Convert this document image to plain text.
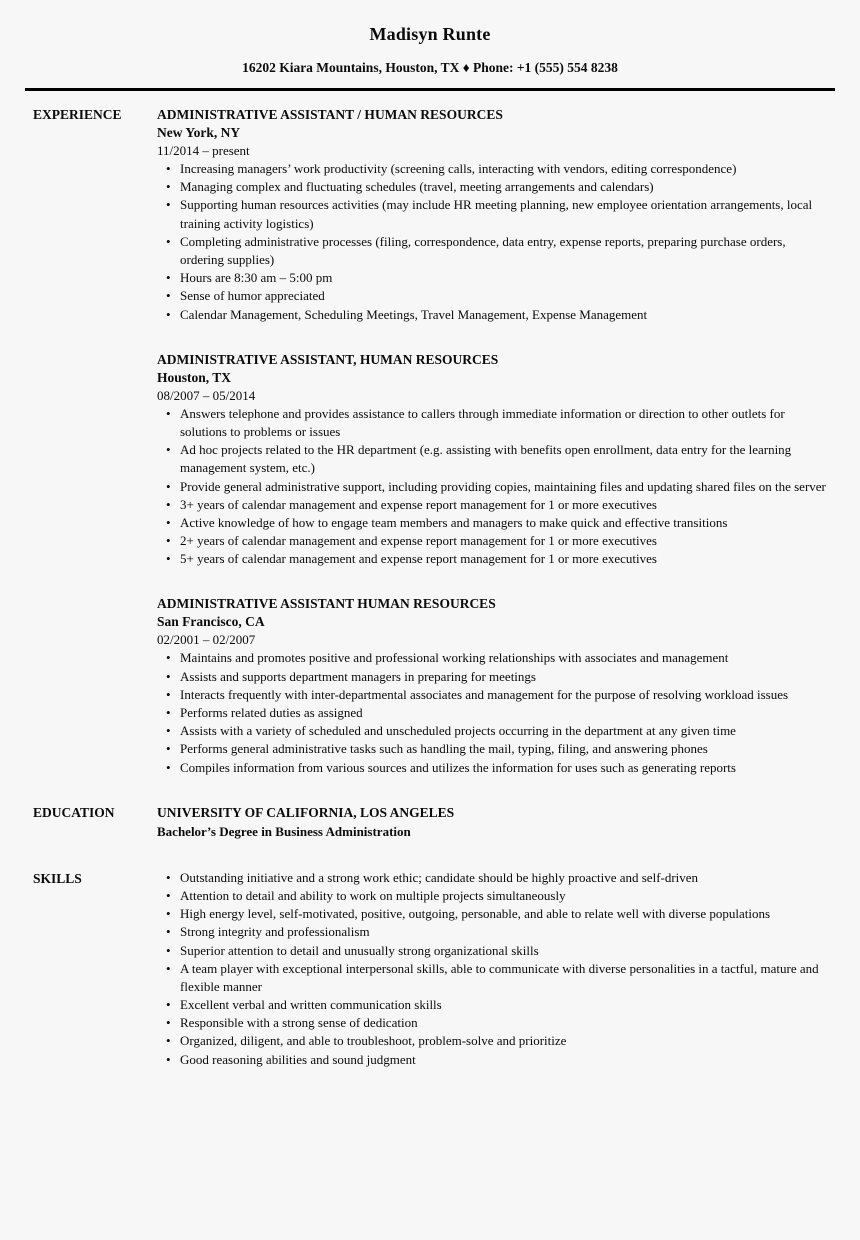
Madisyn Runte
16202 Kiara Mountains, Houston, TX ♦ Phone: +1 (555) 554 8238
EXPERIENCE	ADMINISTRATIVE ASSISTANT / HUMAN RESOURCES
New York, NY
11/2014 – present
• Increasing managers’ work productivity (screening calls, interacting with vendors, editing correspondence)
• Managing complex and fluctuating schedules (travel, meeting arrangements and calendars)
• Supporting human resources activities (may include HR meeting planning, new employee orientation arrangements, local training activity logistics)
• Completing administrative processes (filing, correspondence, data entry, expense reports, preparing purchase orders, ordering supplies)
• Hours are 8:30 am – 5:00 pm
• Sense of humor appreciated
• Calendar Management, Scheduling Meetings, Travel Management, Expense Management
ADMINISTRATIVE ASSISTANT, HUMAN RESOURCES
Houston, TX
08/2007 – 05/2014
• Answers telephone and provides assistance to callers through immediate information or direction to other outlets for solutions to problems or issues
• Ad hoc projects related to the HR department (e.g. assisting with benefits open enrollment, data entry for the learning management system, etc.)
• Provide general administrative support, including providing copies, maintaining files and updating shared files on the server
• 3+ years of calendar management and expense report management for 1 or more executives
• Active knowledge of how to engage team members and managers to make quick and effective transitions
• 2+ years of calendar management and expense report management for 1 or more executives
• 5+ years of calendar management and expense report management for 1 or more executives
ADMINISTRATIVE ASSISTANT HUMAN RESOURCES
San Francisco, CA
02/2001 – 02/2007
• Maintains and promotes positive and professional working relationships with associates and management
• Assists and supports department managers in preparing for meetings
• Interacts frequently with inter-departmental associates and management for the purpose of resolving workload issues
• Performs related duties as assigned
• Assists with a variety of scheduled and unscheduled projects occurring in the department at any given time
• Performs general administrative tasks such as handling the mail, typing, filing, and answering phones
• Compiles information from various sources and utilizes the information for uses such as generating reports
EDUCATION	UNIVERSITY OF CALIFORNIA, LOS ANGELES
Bachelor’s Degree in Business Administration
SKILLS	• Outstanding initiative and a strong work ethic; candidate should be highly proactive and self-driven
• Attention to detail and ability to work on multiple projects simultaneously
• High energy level, self-motivated, positive, outgoing, personable, and able to relate well with diverse populations
• Strong integrity and professionalism
• Superior attention to detail and unusually strong organizational skills
• A team player with exceptional interpersonal skills, able to communicate with diverse personalities in a tactful, mature and flexible manner
• Excellent verbal and written communication skills
• Responsible with a strong sense of dedication
• Organized, diligent, and able to troubleshoot, problem-solve and prioritize
• Good reasoning abilities and sound judgment
